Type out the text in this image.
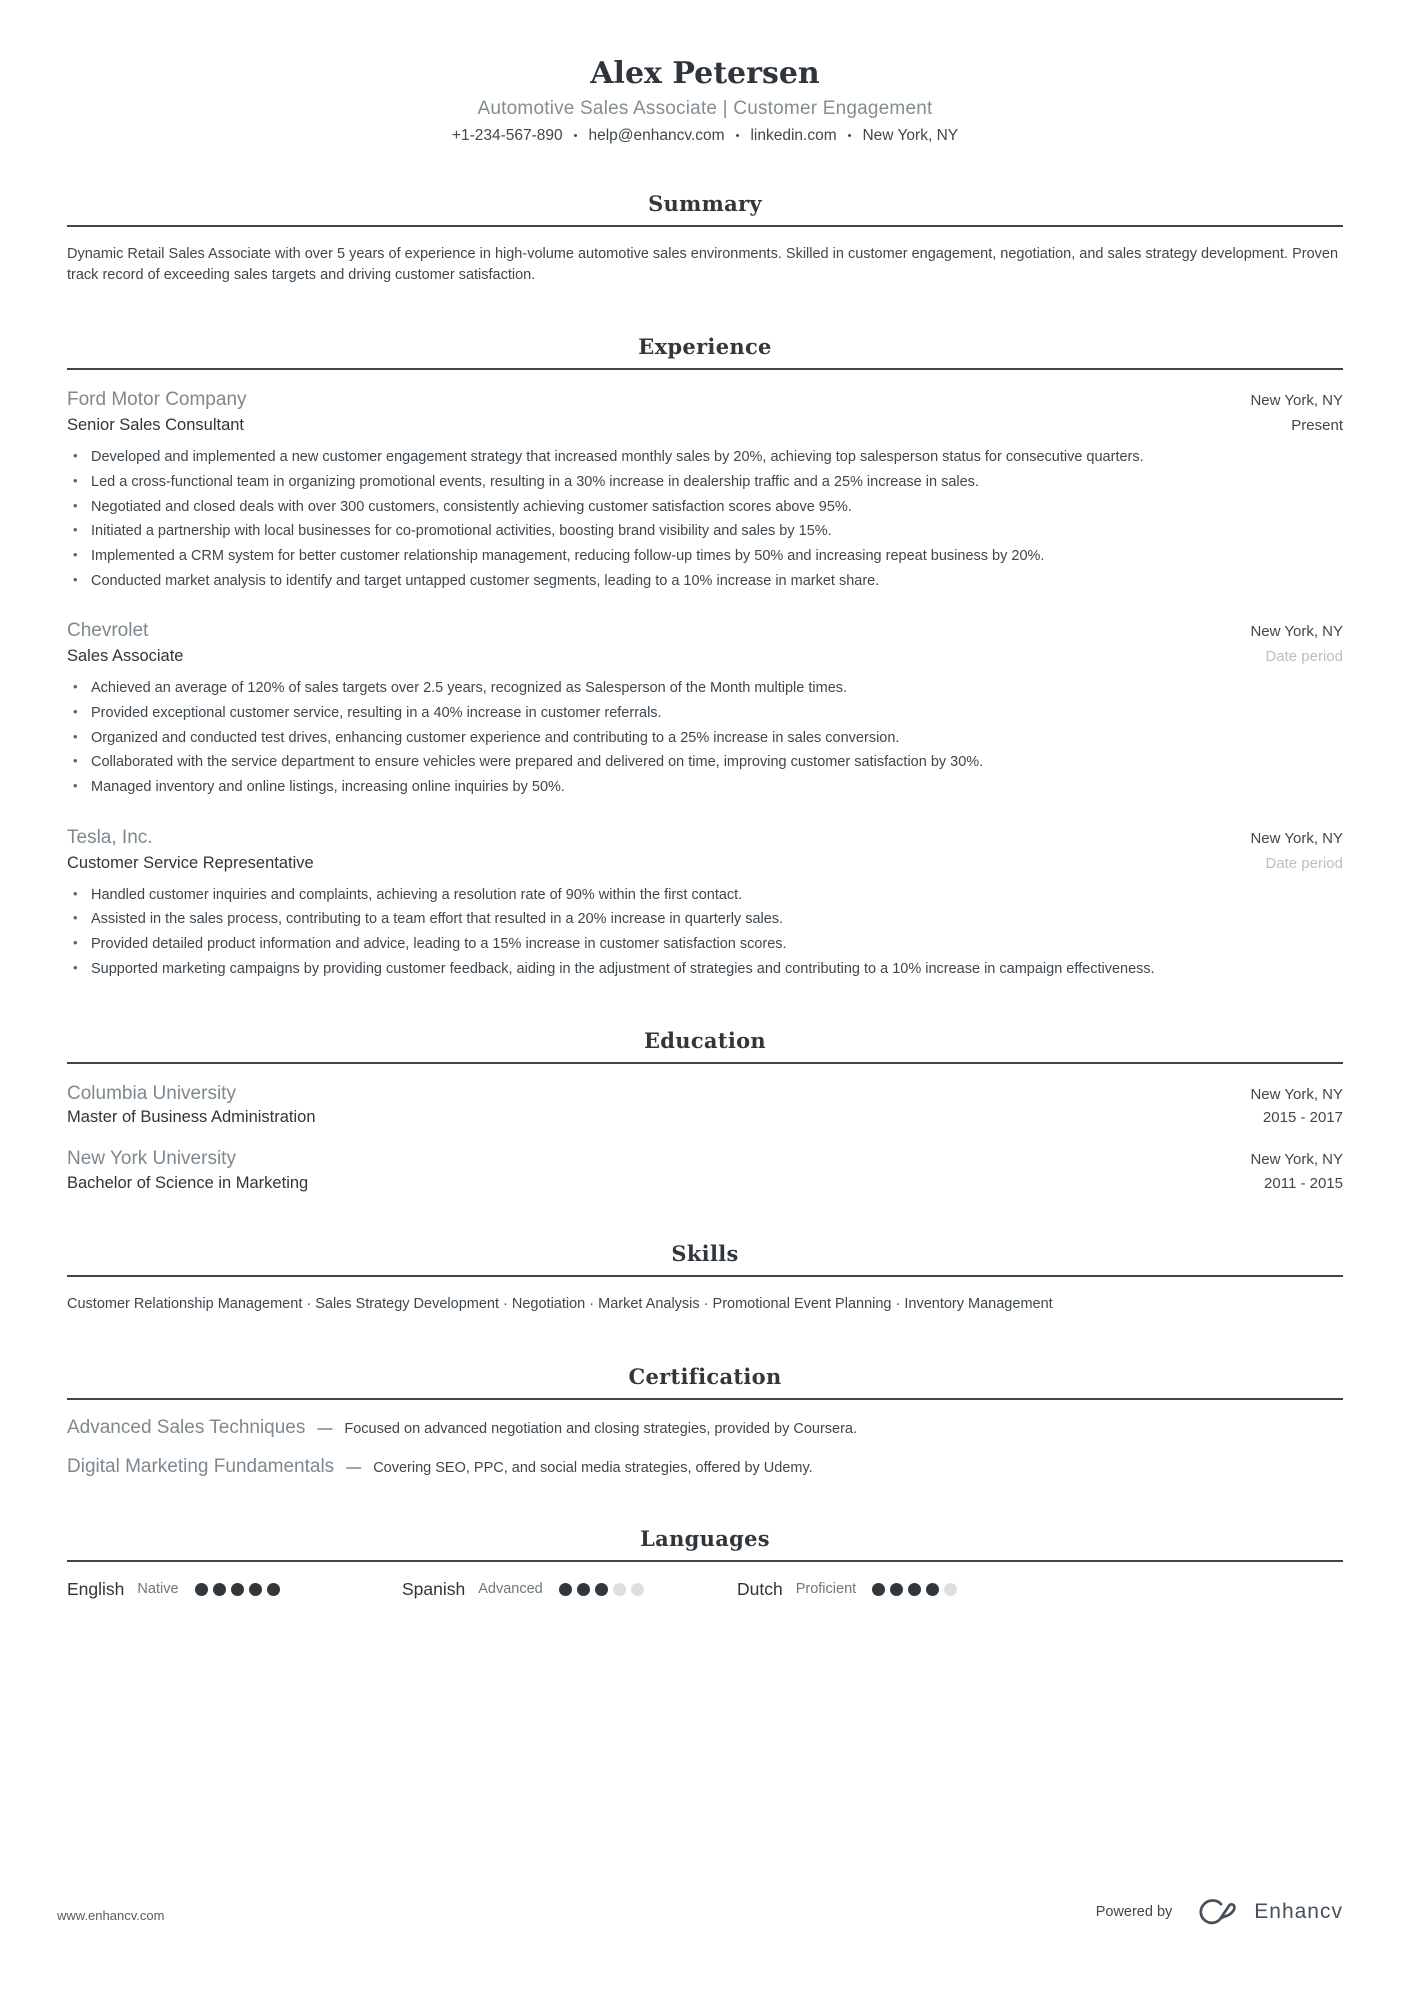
Alex Petersen
Automotive Sales Associate | Customer Engagement
+1-234-567-890 • help@enhancv.com • linkedin.com • New York, NY
Summary

Dynamic Retail Sales Associate with over 5 years of experience in high-volume automotive sales environments. Skilled in customer engagement, negotiation, and sales strategy development. Proven track record of exceeding sales targets and driving customer satisfaction.

Experience
Ford Motor Company	New York, NY
Senior Sales Consultant	Present
• Developed and implemented a new customer engagement strategy that increased monthly sales by 20%, achieving top salesperson status for consecutive quarters.
• Led a cross-functional team in organizing promotional events, resulting in a 30% increase in dealership traffic and a 25% increase in sales.
• Negotiated and closed deals with over 300 customers, consistently achieving customer satisfaction scores above 95%.
• Initiated a partnership with local businesses for co-promotional activities, boosting brand visibility and sales by 15%.
• Implemented a CRM system for better customer relationship management, reducing follow-up times by 50% and increasing repeat business by 20%.
• Conducted market analysis to identify and target untapped customer segments, leading to a 10% increase in market share.
Chevrolet	New York, NY
Sales Associate	Date period
• Achieved an average of 120% of sales targets over 2.5 years, recognized as Salesperson of the Month multiple times.
• Provided exceptional customer service, resulting in a 40% increase in customer referrals.
• Organized and conducted test drives, enhancing customer experience and contributing to a 25% increase in sales conversion.
• Collaborated with the service department to ensure vehicles were prepared and delivered on time, improving customer satisfaction by 30%.
• Managed inventory and online listings, increasing online inquiries by 50%.
Tesla, Inc.	New York, NY
Customer Service Representative	Date period
• Handled customer inquiries and complaints, achieving a resolution rate of 90% within the first contact.
• Assisted in the sales process, contributing to a team effort that resulted in a 20% increase in quarterly sales.
• Provided detailed product information and advice, leading to a 15% increase in customer satisfaction scores.
• Supported marketing campaigns by providing customer feedback, aiding in the adjustment of strategies and contributing to a 10% increase in campaign effectiveness.
Education
Columbia University	New York, NY
Master of Business Administration	2015 - 2017
New York University	New York, NY
Bachelor of Science in Marketing	2011 - 2015
Skills

Customer Relationship Management · Sales Strategy Development · Negotiation · Market Analysis · Promotional Event Planning · Inventory Management

Certification
Advanced Sales Techniques — Focused on advanced negotiation and closing strategies, provided by Coursera.
Digital Marketing Fundamentals — Covering SEO, PPC, and social media strategies, offered by Udemy.
Languages
English Native	Spanish Advanced	Dutch Proficient
www.enhancv.com	Powered by	Enhancv
